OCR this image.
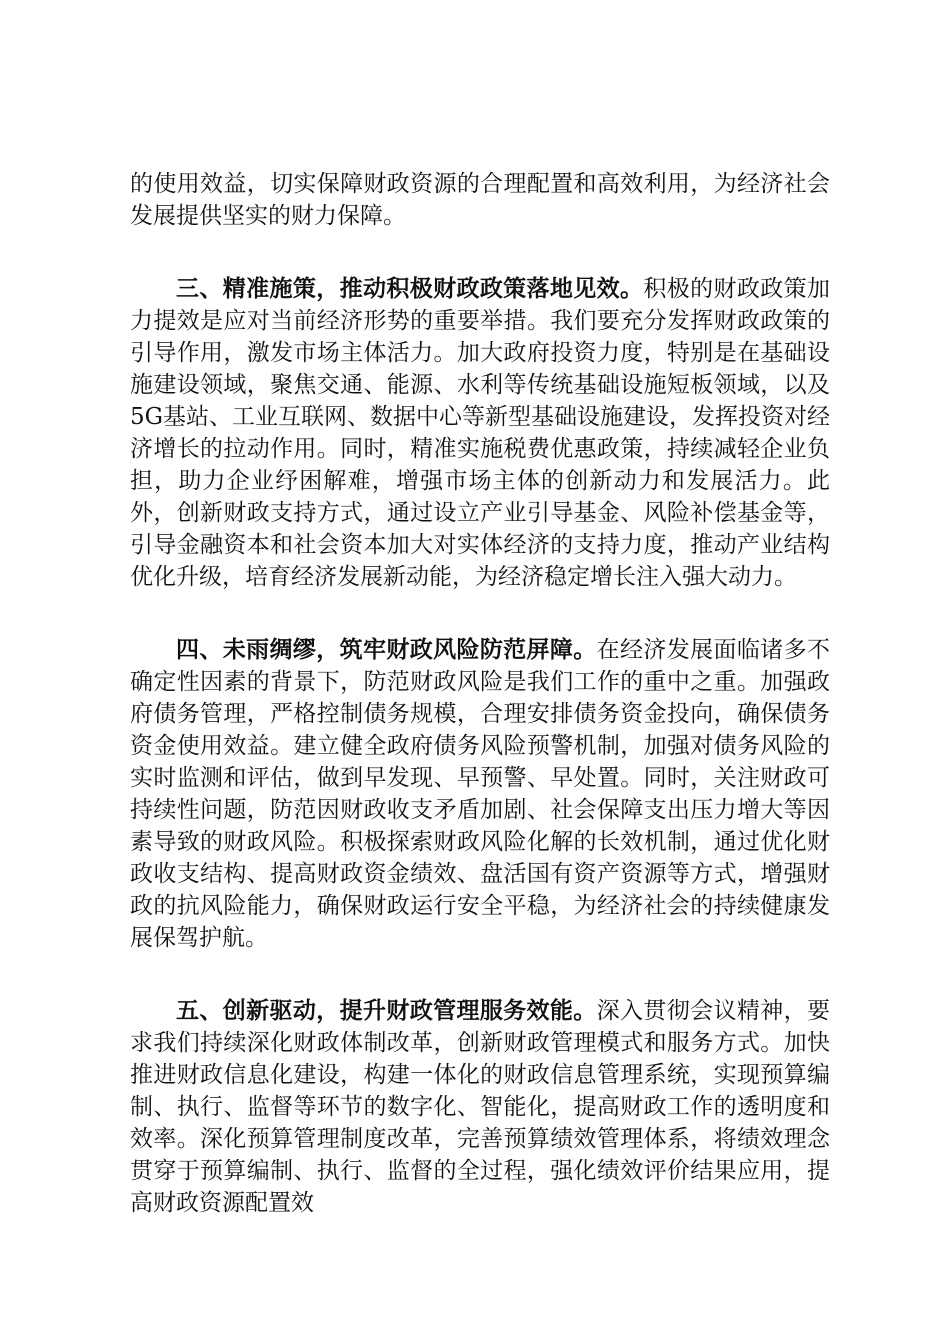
的使用效益，切实保障财政资源的合理配置和高效利用，为经济社会发展提供坚实的财力保障。

三、精准施策，推动积极财政政策落地见效。积极的财政政策加力提效是应对当前经济形势的重要举措。我们要充分发挥财政政策的引导作用，激发市场主体活力。加大政府投资力度，特别是在基础设施建设领域，聚焦交通、能源、水利等传统基础设施短板领域，以及5G基站、工业互联网、数据中心等新型基础设施建设，发挥投资对经济增长的拉动作用。同时，精准实施税费优惠政策，持续减轻企业负担，助力企业纾困解难，增强市场主体的创新动力和发展活力。此外，创新财政支持方式，通过设立产业引导基金、风险补偿基金等，引导金融资本和社会资本加大对实体经济的支持力度，推动产业结构优化升级，培育经济发展新动能，为经济稳定增长注入强大动力。

四、未雨绸缪，筑牢财政风险防范屏障。在经济发展面临诸多不确定性因素的背景下，防范财政风险是我们工作的重中之重。加强政府债务管理，严格控制债务规模，合理安排债务资金投向，确保债务资金使用效益。建立健全政府债务风险预警机制，加强对债务风险的实时监测和评估，做到早发现、早预警、早处置。同时，关注财政可持续性问题，防范因财政收支矛盾加剧、社会保障支出压力增大等因素导致的财政风险。积极探索财政风险化解的长效机制，通过优化财政收支结构、提高财政资金绩效、盘活国有资产资源等方式，增强财政的抗风险能力，确保财政运行安全平稳，为经济社会的持续健康发展保驾护航。

五、创新驱动，提升财政管理服务效能。深入贯彻会议精神，要求我们持续深化财政体制改革，创新财政管理模式和服务方式。加快推进财政信息化建设，构建一体化的财政信息管理系统，实现预算编制、执行、监督等环节的数字化、智能化，提高财政工作的透明度和效率。深化预算管理制度改革，完善预算绩效管理体系，将绩效理念贯穿于预算编制、执行、监督的全过程，强化绩效评价结果应用，提高财政资源配置效
